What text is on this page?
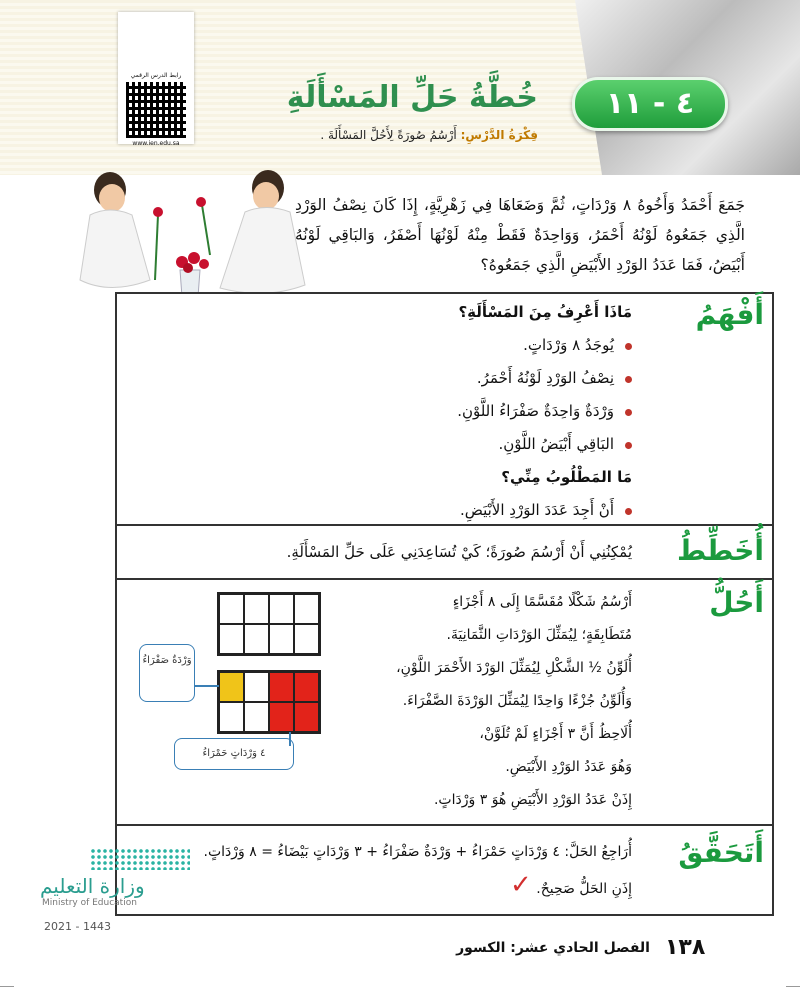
٤ - ١١
خُطَّةُ حَلِّ المَسْأَلَةِ
فِكْرَةُ الدَّرْسِ: أَرْسُمُ صُورَةً لِأَحُلَّ المَسْأَلَةَ .
رابط الدرس الرقمي
www.ien.edu.sa
جَمَعَ أَحْمَدُ وَأَخُوهُ ٨ وَرْدَاتٍ، ثُمَّ وَضَعَاهَا فِي زَهْرِيَّةٍ، إِذَا كَانَ نِصْفُ الوَرْدِ الَّذِي جَمَعُوهُ لَوْنُهُ أَحْمَرُ، وَوَاحِدَةٌ فَقَطْ مِنْهُ لَوْنُهَا أَصْفَرُ، وَالبَاقِي لَوْنُهُ أَبْيَضُ، فَمَا عَدَدُ الوَرْدِ الأَبْيَضِ الَّذِي جَمَعُوهُ؟
أَفْهَمُ
مَاذَا أَعْرِفُ مِنَ المَسْأَلَةِ؟
يُوجَدُ ٨ وَرْدَاتٍ.
نِصْفُ الوَرْدِ لَوْنُهُ أَحْمَرُ.
وَرْدَةٌ وَاحِدَةٌ صَفْرَاءُ اللَّوْنِ.
البَاقِي أَبْيَضُ اللَّوْنِ.
مَا المَطْلُوبُ مِنِّي؟
أَنْ أَجِدَ عَدَدَ الوَرْدِ الأَبْيَضِ.
أُخَطِّطُ
يُمْكِنُنِي أَنْ أَرْسُمَ صُورَةً؛ كَيْ تُسَاعِدَنِي عَلَى حَلِّ المَسْأَلَةِ.
أَحُلُّ
أَرْسُمُ شَكْلًا مُقَسَّمًا إِلَى ٨ أَجْزَاءٍ
مُتَطَابِقَةٍ؛ لِيُمَثِّلَ الوَرْدَاتِ الثَّمَانِيَةَ.
أُلَوِّنُ ½ الشَّكْلِ لِيُمَثِّلَ الوَرْدَ الأَحْمَرَ اللَّوْنِ،
وَأُلَوِّنُ جُزْءًا وَاحِدًا لِيُمَثِّلَ الوَرْدَةَ الصَّفْرَاءَ.
أُلَاحِظُ أَنَّ ٣ أَجْزَاءٍ لَمْ تُلَوَّنْ،
وَهُوَ عَدَدُ الوَرْدِ الأَبْيَضِ.
إِذَنْ عَدَدُ الوَرْدِ الأَبْيَضِ هُوَ ٣ وَرْدَاتٍ.
وَرْدَةٌ صَفْرَاءُ
٤ وَرْدَاتٍ حَمْرَاءُ
أَتَحَقَّقُ
أُرَاجِعُ الحَلَّ: ٤ وَرْدَاتٍ حَمْرَاءُ + وَرْدَةٌ صَفْرَاءُ + ٣ وَرْدَاتٍ بَيْضَاءُ = ٨ وَرْدَاتٍ.
إِذَنِ الحَلُّ صَحِيحٌ. ✓
وزارة التعليم
Ministry of Education
2021 - 1443
١٣٨
الفصل الحادي عشر: الكسور
